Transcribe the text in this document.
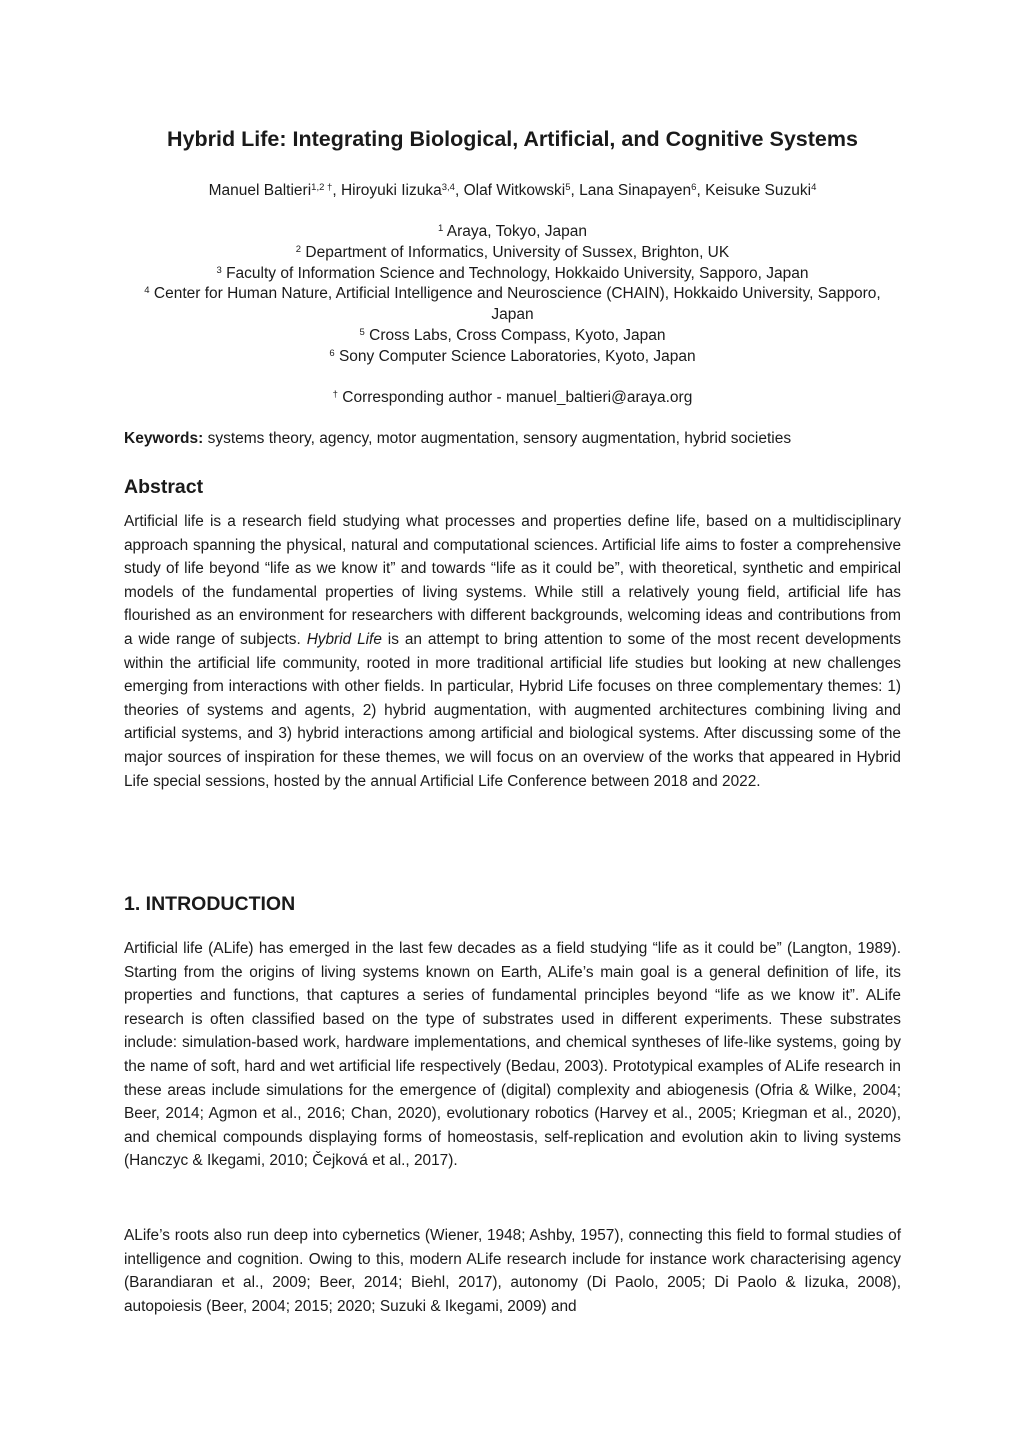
Hybrid Life: Integrating Biological, Artificial, and Cognitive Systems

Manuel Baltieri$^{1,2 \dagger}$, Hiroyuki Iizuka$^{3,4}$, Olaf Witkowski$^5$, Lana Sinapayen$^6$, Keisuke Suzuki$^4$

$^1$ Araya, Tokyo, Japan
$^2$ Department of Informatics, University of Sussex, Brighton, UK
$^3$ Faculty of Information Science and Technology, Hokkaido University, Sapporo, Japan
$^4$ Center for Human Nature, Artificial Intelligence and Neuroscience (CHAIN), Hokkaido University, Sapporo, Japan
$^5$ Cross Labs, Cross Compass, Kyoto, Japan
$^6$ Sony Computer Science Laboratories, Kyoto, Japan

† Corresponding author - manuel_baltieri@araya.org

Keywords: systems theory, agency, motor augmentation, sensory augmentation, hybrid societies

Abstract

Artificial life is a research field studying what processes and properties define life, based on a multidisciplinary approach spanning the physical, natural and computational sciences. Artificial life aims to foster a comprehensive study of life beyond “life as we know it” and towards “life as it could be”, with theoretical, synthetic and empirical models of the fundamental properties of living systems. While still a relatively young field, artificial life has flourished as an environment for researchers with different backgrounds, welcoming ideas and contributions from a wide range of subjects. Hybrid Life is an attempt to bring attention to some of the most recent developments within the artificial life community, rooted in more traditional artificial life studies but looking at new challenges emerging from interactions with other fields. In particular, Hybrid Life focuses on three complementary themes: 1) theories of systems and agents, 2) hybrid augmentation, with augmented architectures combining living and artificial systems, and 3) hybrid interactions among artificial and biological systems. After discussing some of the major sources of inspiration for these themes, we will focus on an overview of the works that appeared in Hybrid Life special sessions, hosted by the annual Artificial Life Conference between 2018 and 2022.

1. INTRODUCTION

Artificial life (ALife) has emerged in the last few decades as a field studying “life as it could be” (Langton, 1989). Starting from the origins of living systems known on Earth, ALife’s main goal is a general definition of life, its properties and functions, that captures a series of fundamental principles beyond “life as we know it”. ALife research is often classified based on the type of substrates used in different experiments. These substrates include: simulation-based work, hardware implementations, and chemical syntheses of life-like systems, going by the name of soft, hard and wet artificial life respectively (Bedau, 2003). Prototypical examples of ALife research in these areas include simulations for the emergence of (digital) complexity and abiogenesis (Ofria & Wilke, 2004; Beer, 2014; Agmon et al., 2016; Chan, 2020), evolutionary robotics (Harvey et al., 2005; Kriegman et al., 2020), and chemical compounds displaying forms of homeostasis, self-replication and evolution akin to living systems (Hanczyc & Ikegami, 2010; Čejková et al., 2017).

ALife’s roots also run deep into cybernetics (Wiener, 1948; Ashby, 1957), connecting this field to formal studies of intelligence and cognition. Owing to this, modern ALife research include for instance work characterising agency (Barandiaran et al., 2009; Beer, 2014; Biehl, 2017), autonomy (Di Paolo, 2005; Di Paolo & Iizuka, 2008), autopoiesis (Beer, 2004; 2015; 2020; Suzuki & Ikegami, 2009) and
